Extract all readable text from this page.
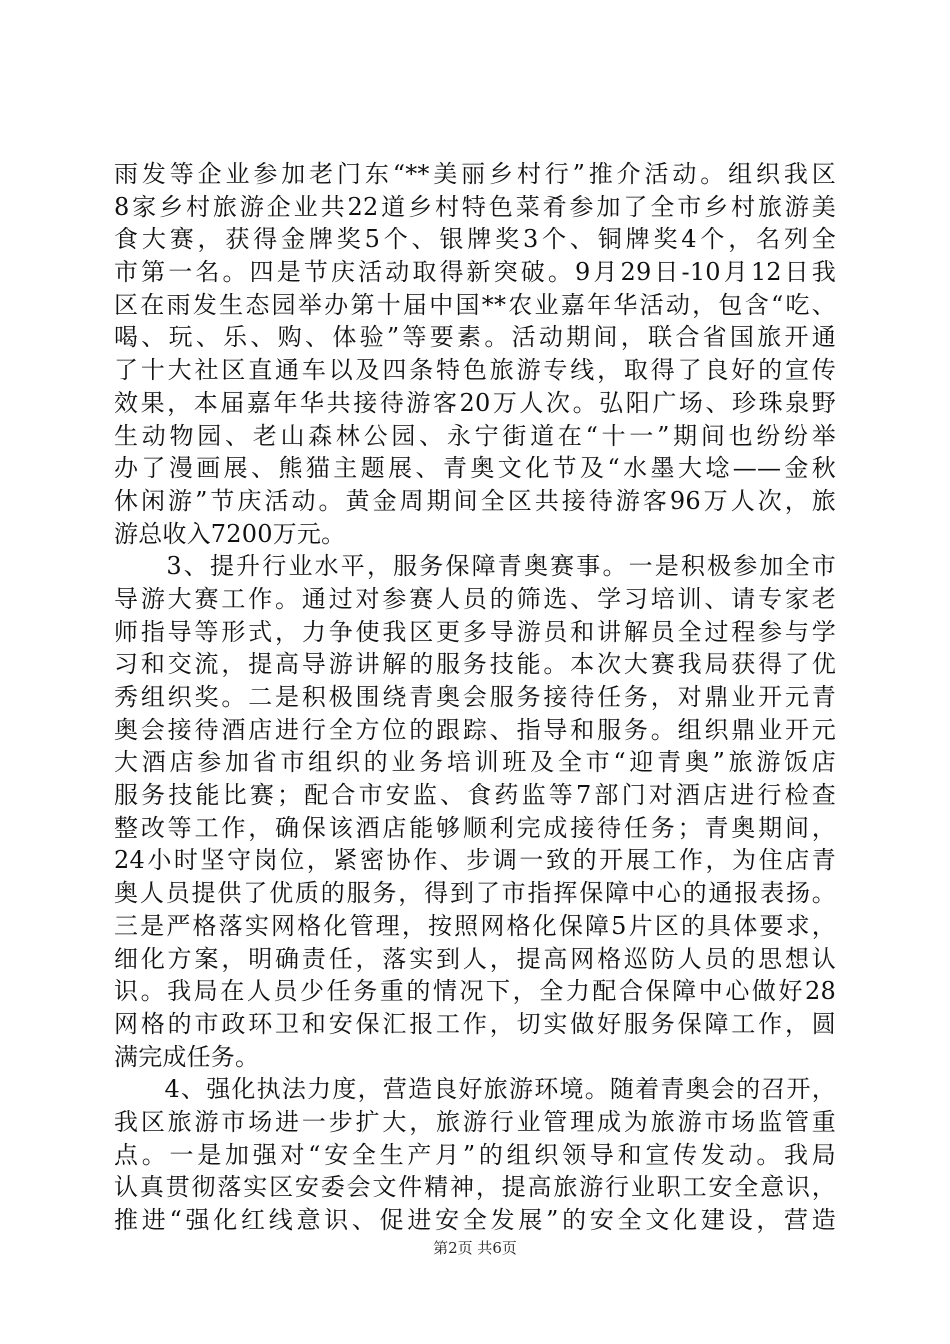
雨发等企业参加老门东“**美丽乡村行”推介活动。组织我区
8家乡村旅游企业共22道乡村特色菜肴参加了全市乡村旅游美
食大赛，获得金牌奖5个、银牌奖3个、铜牌奖4个，名列全
市第一名。四是节庆活动取得新突破。9月29日-10月12日我
区在雨发生态园举办第十届中国**农业嘉年华活动，包含“吃、
喝、玩、乐、购、体验”等要素。活动期间，联合省国旅开通
了十大社区直通车以及四条特色旅游专线，取得了良好的宣传
效果，本届嘉年华共接待游客20万人次。弘阳广场、珍珠泉野
生动物园、老山森林公园、永宁街道在“十一”期间也纷纷举
办了漫画展、熊猫主题展、青奥文化节及“水墨大埝——金秋
休闲游”节庆活动。黄金周期间全区共接待游客96万人次，旅
游总收入7200万元。
　　3、提升行业水平，服务保障青奥赛事。一是积极参加全市
导游大赛工作。通过对参赛人员的筛选、学习培训、请专家老
师指导等形式，力争使我区更多导游员和讲解员全过程参与学
习和交流，提高导游讲解的服务技能。本次大赛我局获得了优
秀组织奖。二是积极围绕青奥会服务接待任务，对鼎业开元青
奥会接待酒店进行全方位的跟踪、指导和服务。组织鼎业开元
大酒店参加省市组织的业务培训班及全市“迎青奥”旅游饭店
服务技能比赛；配合市安监、食药监等7部门对酒店进行检查
整改等工作，确保该酒店能够顺利完成接待任务；青奥期间，
24小时坚守岗位，紧密协作、步调一致的开展工作，为住店青
奥人员提供了优质的服务，得到了市指挥保障中心的通报表扬。
三是严格落实网格化管理，按照网格化保障5片区的具体要求，
细化方案，明确责任，落实到人，提高网格巡防人员的思想认
识。我局在人员少任务重的情况下，全力配合保障中心做好28
网格的市政环卫和安保汇报工作，切实做好服务保障工作，圆
满完成任务。
　　4、强化执法力度，营造良好旅游环境。随着青奥会的召开，
我区旅游市场进一步扩大，旅游行业管理成为旅游市场监管重
点。一是加强对“安全生产月”的组织领导和宣传发动。我局
认真贯彻落实区安委会文件精神，提高旅游行业职工安全意识，
推进“强化红线意识、促进安全发展”的安全文化建设，营造
第2页 共6页
